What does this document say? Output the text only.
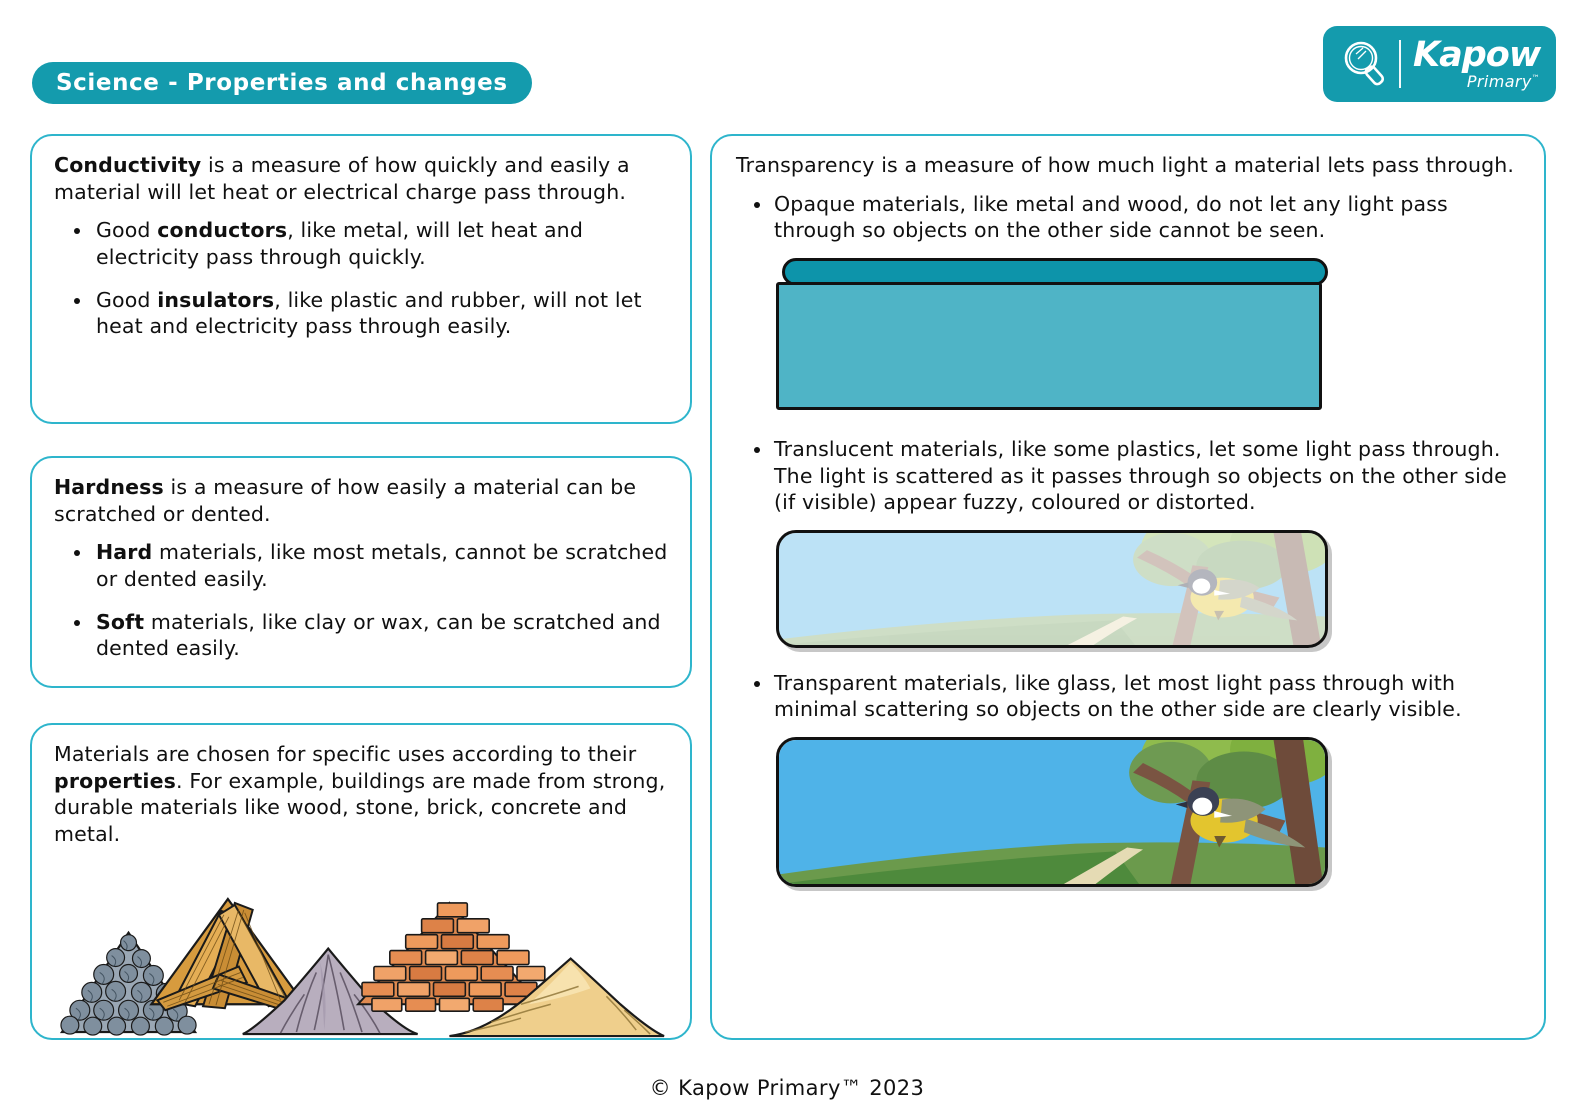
Science - Properties and changes
Kapow
Primary™

Conductivity is a measure of how quickly and easily a material will let heat or electrical charge pass through.

Good conductors, like metal, will let heat and electricity pass through quickly.
Good insulators, like plastic and rubber, will not let heat and electricity pass through easily.

Hardness is a measure of how easily a material can be scratched or dented.

Hard materials, like most metals, cannot be scratched or dented easily.
Soft materials, like clay or wax, can be scratched and dented easily.

Materials are chosen for specific uses according to their properties. For example, buildings are made from strong, durable materials like wood, stone, brick, concrete and metal.

Transparency is a measure of how much light a material lets pass through.

Opaque materials, like metal and wood, do not let any light pass through so objects on the other side cannot be seen.
Translucent materials, like some plastics, let some light pass through. The light is scattered as it passes through so objects on the other side (if visible) appear fuzzy, coloured or distorted.
Transparent materials, like glass, let most light pass through with minimal scattering so objects on the other side are clearly visible.
© Kapow Primary™ 2023
